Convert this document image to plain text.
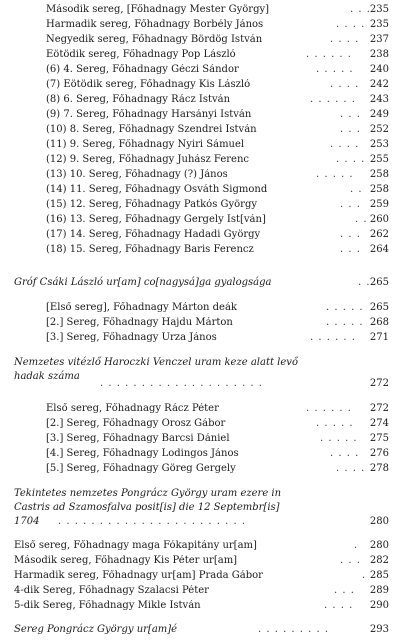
Második sereg, [Főhadnagy Mester György]	. . . 235
Harmadik sereg, Főhadnagy Borbély János	. . . . 235
Negyedik sereg, Főhadnagy Bördög István	. . . .	237
Eötödik sereg, Főhadnagy Pop László	. . . . . .	238
(6) 4. Sereg, Főhadnagy Géczi Sándor	. . . . .	240
(7) Eötödik sereg, Főhadnagy Kis László	. . . .	242
(8) 6. Sereg, Főhadnagy Rácz István	. . . . . .	243
(9) 7. Sereg, Főhadnagy Harsányi István	. . . 249
(10) 8. Sereg, Főhadnagy Szendrei István	. . . 252
(11) 9. Sereg, Főhadnagy Nyiri Sámuel	. . . .	253
(12) 9. Sereg, Főhadnagy Juhász Ferenc	. . . . 255
(13) 10. Sereg, Főhadnagy (?) János	. . . . .	258
(14) 11. Sereg, Főhadnagy Osváth Sigmond	. . 258
(15) 12. Sereg, Főhadnagy Patkós György	. . . 259
(16) 13. Sereg, Főhadnagy Gergely Ist[ván]	. . 260
(17) 14. Sereg, Főhadnagy Hadadi György	. . . 262
(18) 15. Sereg, Főhadnagy Baris Ferencz	. . . 264
Gróf Csáki László ur[am] co[nagysá]ga gyalogsága	. . 265
[Első sereg], Főhadnagy Márton deák	. . . . . 265
[2.] Sereg, Főhadnagy Hajdu Márton	. . . . . 268
[3.] Sereg, Főhadnagy Urza János	. . . . . .	271
Nemzetes vitézlő Haroczki Venczel uram keze alatt levő
hadak száma
. . . . . . . . . . . . . . . . . . . .	272
Első sereg, Főhadnagy Rácz Péter	. . . . . .	272
[2.] Sereg, Főhadnagy Orosz Gábor	. . . . .	274
[3.] Sereg, Főhadnagy Barcsi Dániel	. . . . .	275
[4.] Sereg, Főhadnagy Lodingos János	. . . .	276
[5.] Sereg, Főhadnagy Göreg Gergely	. . . . 278
Tekintetes nemzetes Pongrácz György uram ezere in
Castris ad Szamosfalva posit[is] die 12 Septembr[is]
1704	. . . . . . . . . . . . . . . . . . . . . . .	280
Első sereg, Főhadnagy maga Fókapitány ur[am]	.	280
Második sereg, Főhadnagy Kis Péter ur[am]	. . . 282
Harmadik sereg, Főhadnagy ur[am] Prada Gábor	. 285
4-dik Sereg, Főhadnagy Szalacsi Péter	. . .	289
5-dik Sereg, Főhadnagy Mikle István	. . . .	290
Sereg Pongrácz György ur[am]é	. . . . . . . . .	293
